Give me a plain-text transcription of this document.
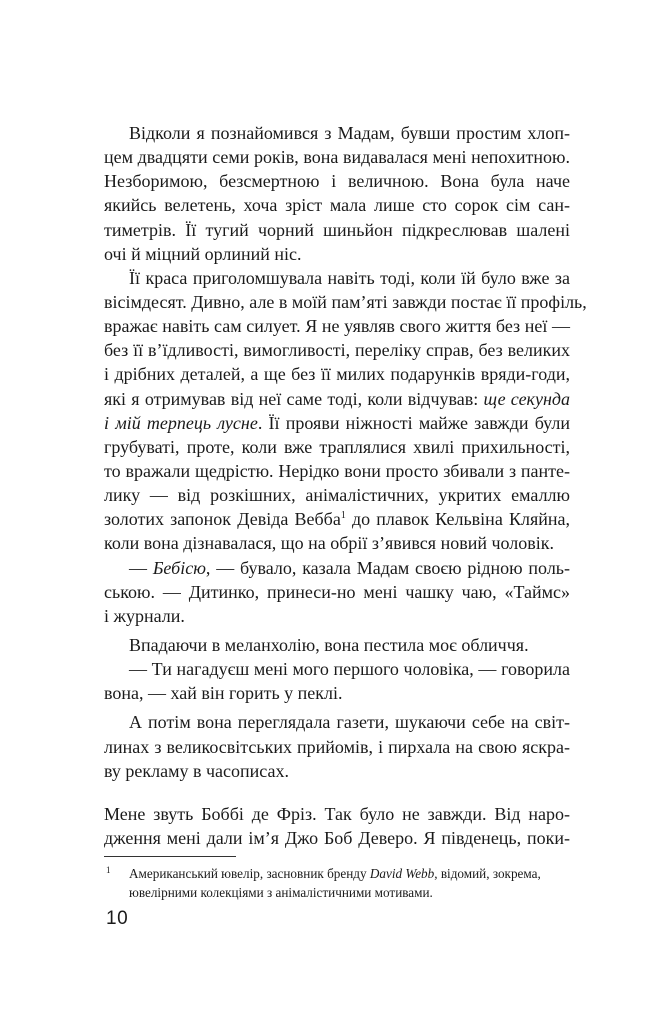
Відколи я познайомився з Мадам, бувши простим хлоп-
цем двадцяти семи років, вона видавалася мені непохитною.
Незборимою, безсмертною і величною. Вона була наче
якийсь велетень, хоча зріст мала лише сто сорок сім сан-
тиметрів. Її тугий чорний шиньйон підкреслював шалені
очі й міцний орлиний ніс.
Її краса приголомшувала навіть тоді, коли їй було вже за
вісімдесят. Дивно, але в моїй пам’яті завжди постає її профіль,
вражає навіть сам силует. Я не уявляв свого життя без неї —
без її в’їдливості, вимогливості, переліку справ, без великих
і дрібних деталей, а ще без її милих подарунків вряди-годи,
які я отримував від неї саме тоді, коли відчував: ще секунда
і мій терпець лусне. Її прояви ніжності майже завжди були
грубуваті, проте, коли вже траплялися хвилі прихильності,
то вражали щедрістю. Нерідко вони просто збивали з панте-
лику — від розкішних, анімалістичних, укритих емаллю
золотих запонок Девіда Вебба$^1$ до плавок Кельвіна Кляйна,
коли вона дізнавалася, що на обрії з’явився новий чоловік.
— Бебісю, — бувало, казала Мадам своєю рідною поль-
ською. — Дитинко, принеси-но мені чашку чаю, «Таймс»
і журнали.
Впадаючи в меланхолію, вона пестила моє обличчя.
— Ти нагадуєш мені мого першого чоловіка, — говорила
вона, — хай він горить у пеклі.
А потім вона переглядала газети, шукаючи себе на світ-
линах з великосвітських прийомів, і пирхала на свою яскра-
ву рекламу в часописах.
Мене звуть Боббі де Фріз. Так було не завжди. Від наро-
дження мені дали ім’я Джо Боб Деверо. Я південець, поки-
1	Американський ювелір, засновник бренду David Webb, відомий, зокрема,
ювелірними колекціями з анімалістичними мотивами.
10
